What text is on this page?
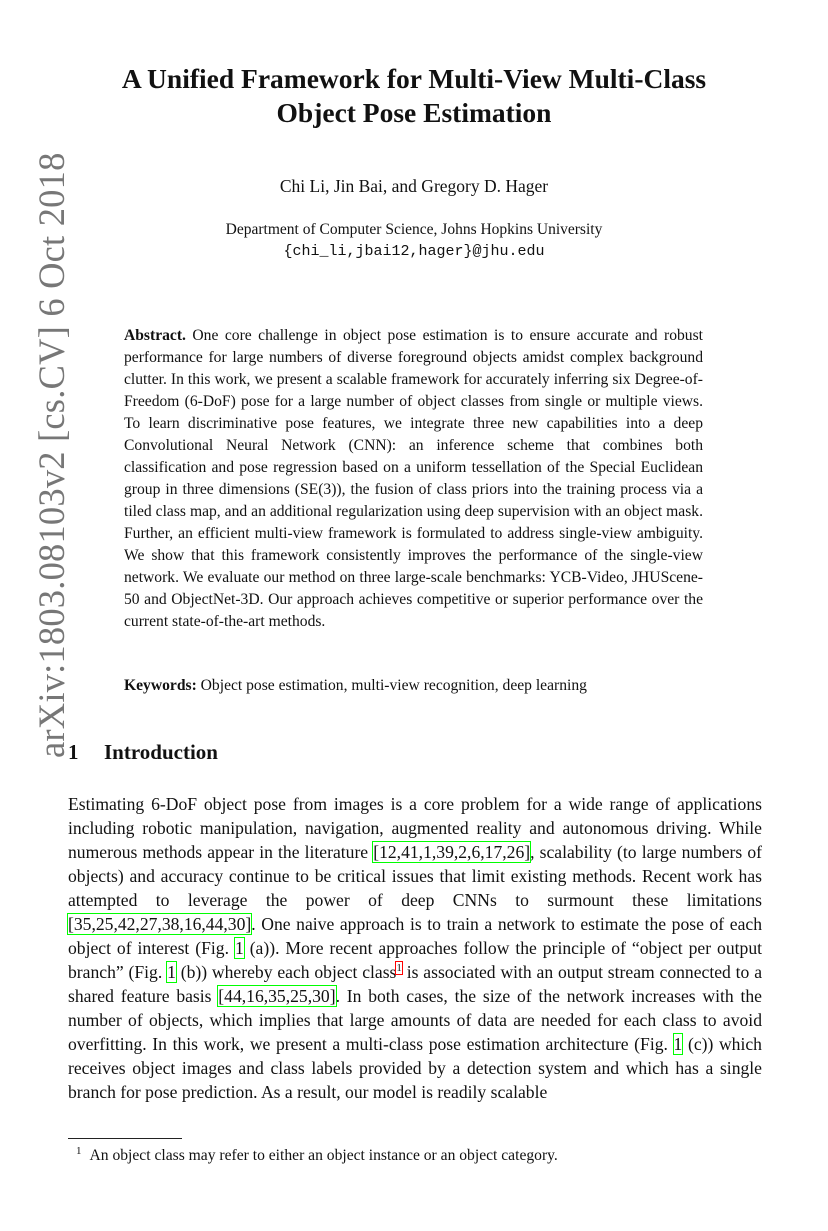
arXiv:1803.08103v2 [cs.CV] 6 Oct 2018
A Unified Framework for Multi-View Multi-Class
Object Pose Estimation
Chi Li, Jin Bai, and Gregory D. Hager
Department of Computer Science, Johns Hopkins University
{chi_li,jbai12,hager}@jhu.edu
Abstract. One core challenge in object pose estimation is to ensure accurate and robust performance for large numbers of diverse foreground objects amidst complex background clutter. In this work, we present a scalable framework for accurately inferring six Degree-of-Freedom (6-DoF) pose for a large number of object classes from single or multiple views. To learn discriminative pose features, we integrate three new capabilities into a deep Convolutional Neural Network (CNN): an inference scheme that combines both classification and pose regression based on a uniform tessellation of the Special Euclidean group in three dimensions (SE(3)), the fusion of class priors into the training process via a tiled class map, and an additional regularization using deep supervision with an object mask. Further, an efficient multi-view framework is formulated to address single-view ambiguity. We show that this framework consistently improves the performance of the single-view network. We evaluate our method on three large-scale benchmarks: YCB-Video, JHUScene-50 and ObjectNet-3D. Our approach achieves competitive or superior performance over the current state-of-the-art methods.
Keywords: Object pose estimation, multi-view recognition, deep learning
1 Introduction
Estimating 6-DoF object pose from images is a core problem for a wide range of applications including robotic manipulation, navigation, augmented reality and autonomous driving. While numerous methods appear in the literature [12,41,1,39,2,6,17,26], scalability (to large numbers of objects) and accuracy continue to be critical issues that limit existing methods. Recent work has attempted to leverage the power of deep CNNs to surmount these limitations [35,25,42,27,38,16,44,30]. One naive approach is to train a network to estimate the pose of each object of interest (Fig. 1 (a)). More recent approaches follow the principle of “object per output branch” (Fig. 1 (b)) whereby each object class$^1$ is associated with an output stream connected to a shared feature basis [44,16,35,25,30]. In both cases, the size of the network increases with the number of objects, which implies that large amounts of data are needed for each class to avoid overfitting. In this work, we present a multi-class pose estimation architecture (Fig. 1 (c)) which receives object images and class labels provided by a detection system and which has a single branch for pose prediction. As a result, our model is readily scalable
$^1$ An object class may refer to either an object instance or an object category.
